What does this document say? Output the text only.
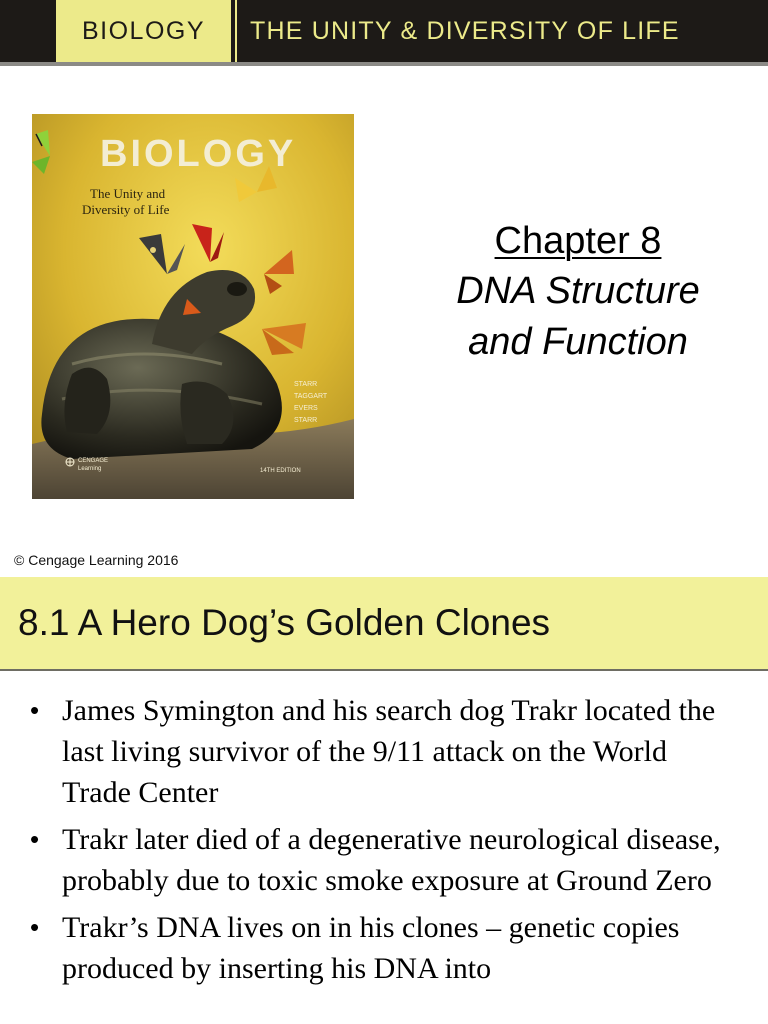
BIOLOGY	THE UNITY & DIVERSITY OF LIFE
BIOLOGY
The Unity and
Diversity of Life
STARR
TAGGART
EVERS
STARR
CENGAGE
Learning	14TH EDITION
Chapter 8
DNA Structure
and Function
© Cengage Learning 2016
8.1 A Hero Dog’s Golden Clones
• James Symington and his search dog Trakr located the last living survivor of the 9/11 attack on the World Trade Center
• Trakr later died of a degenerative neurological disease, probably due to toxic smoke exposure at Ground Zero
• Trakr’s DNA lives on in his clones – genetic copies produced by inserting his DNA into
